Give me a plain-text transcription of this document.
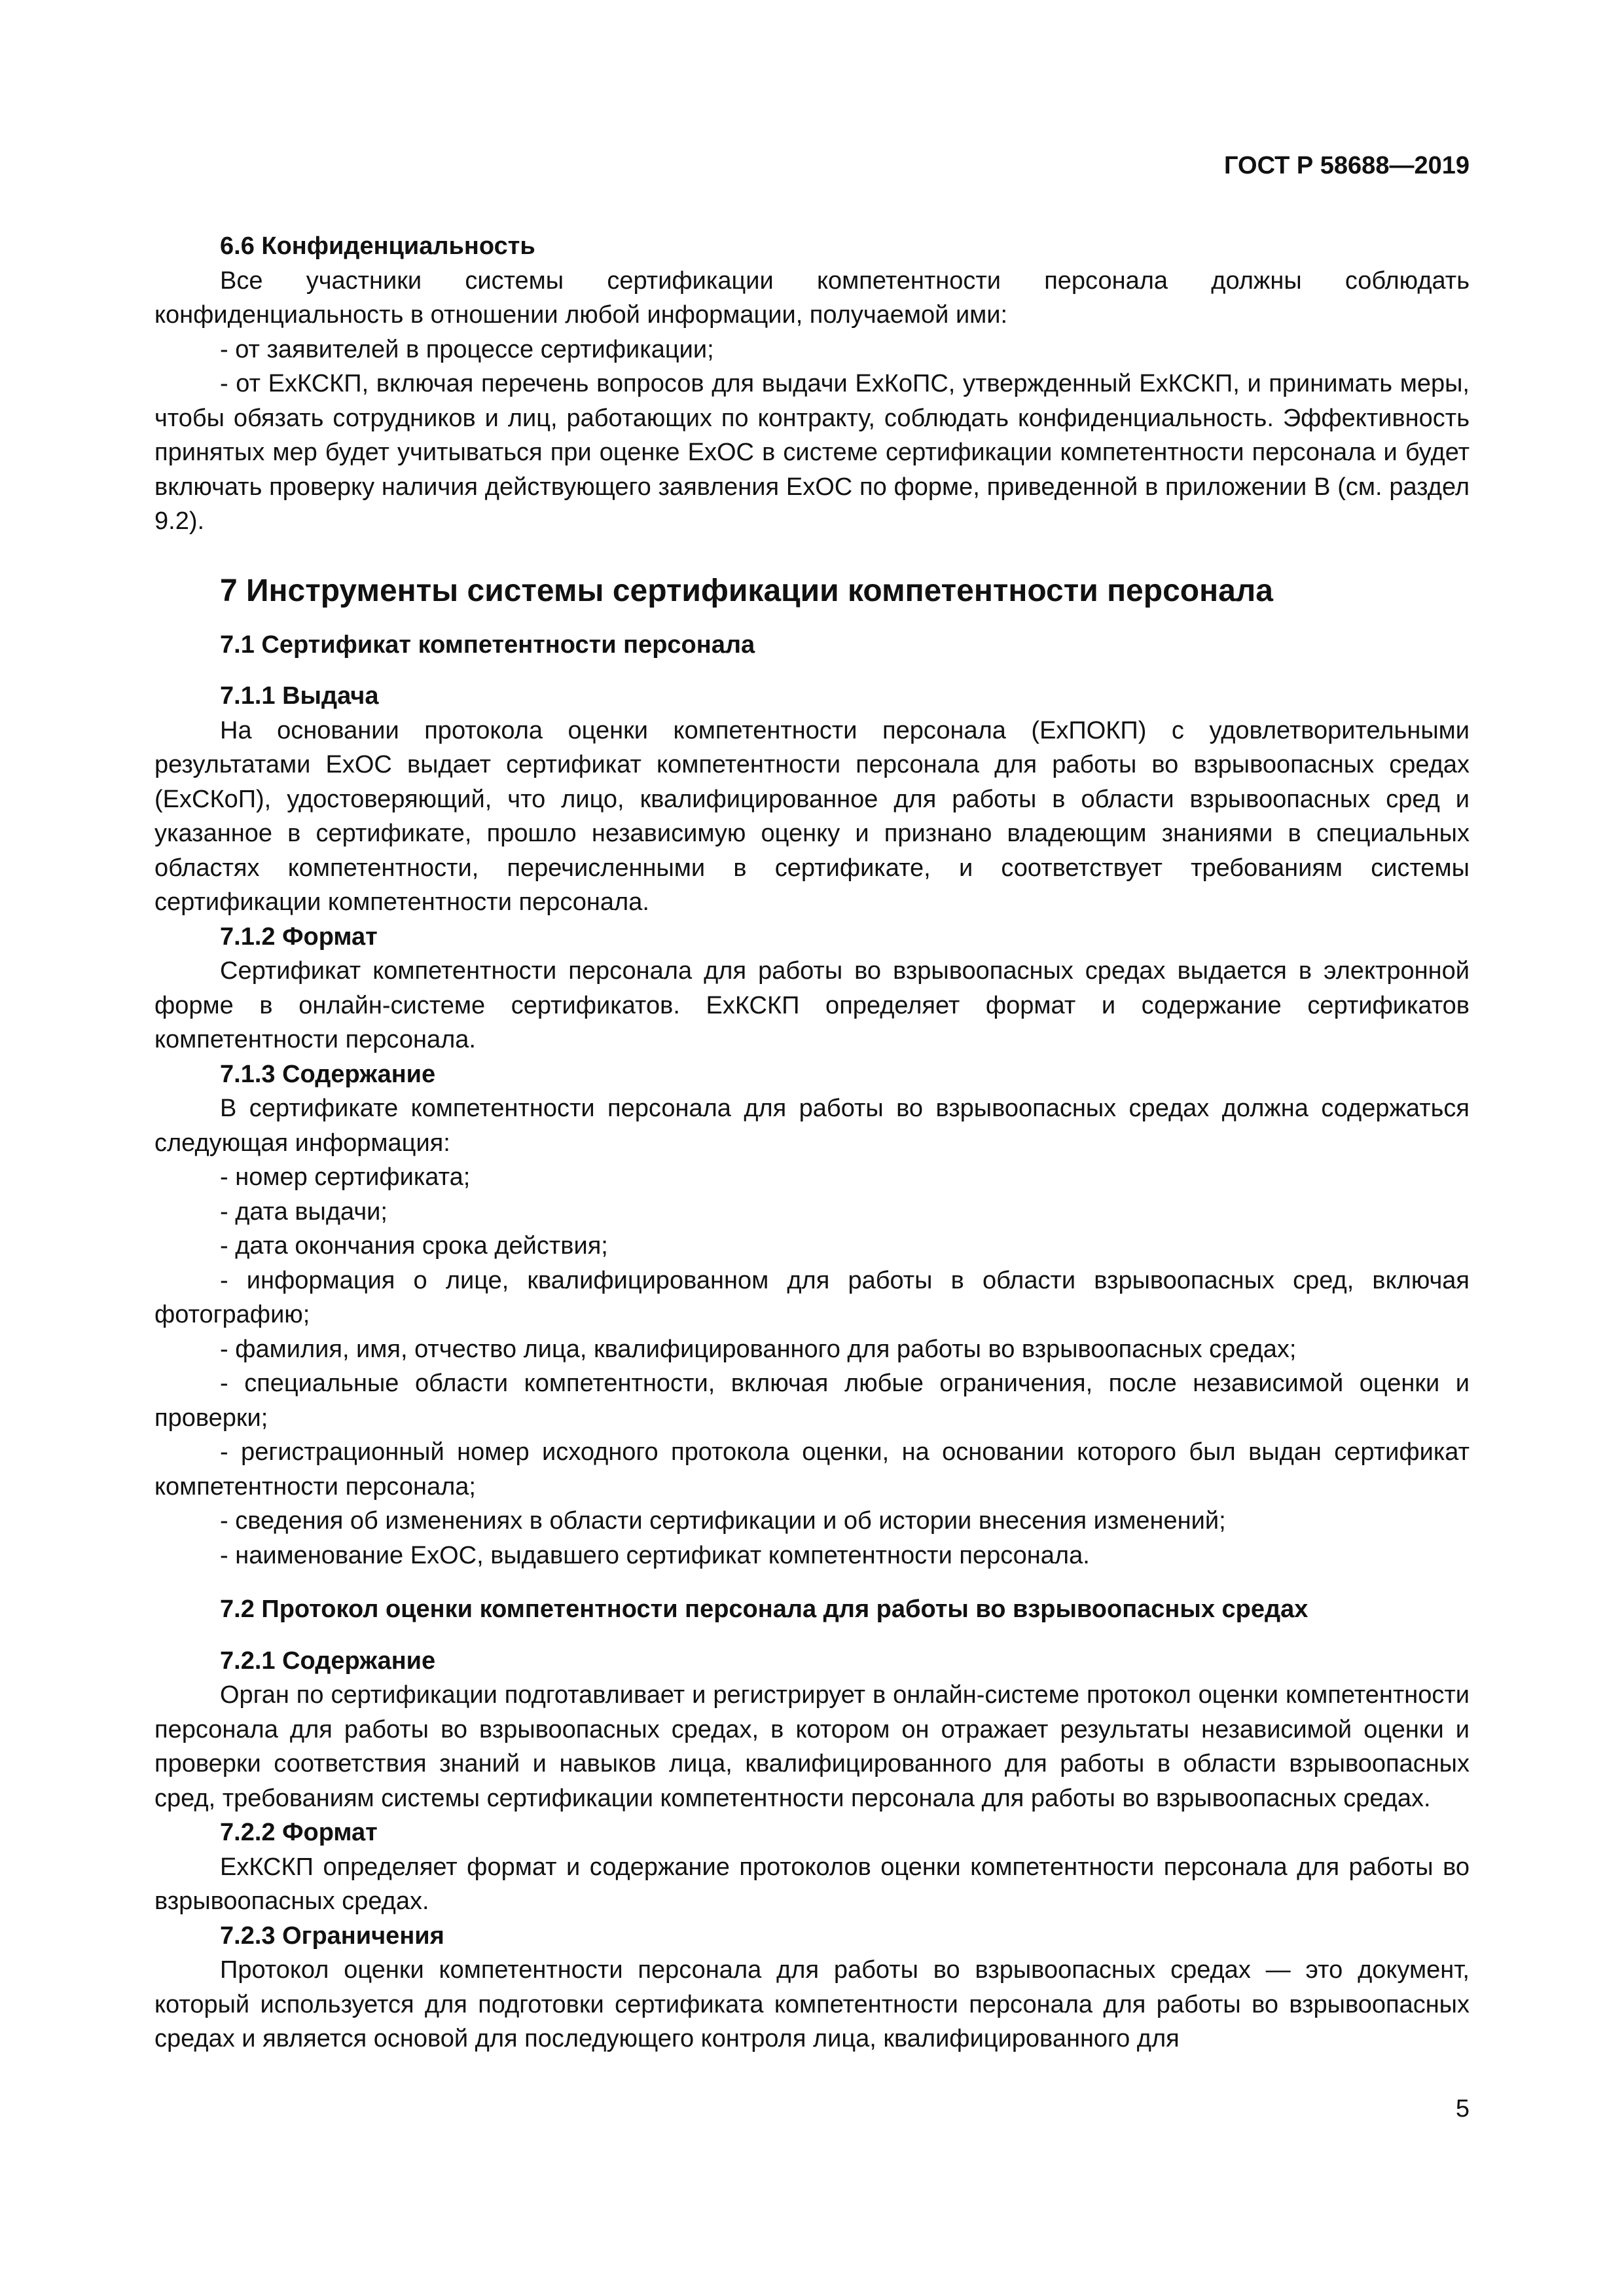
ГОСТ Р 58688—2019

6.6 Конфиденциальность

Все участники системы сертификации компетентности персонала должны соблюдать конфиденциальность в отношении любой информации, получаемой ими:

- от заявителей в процессе сертификации;

- от ExКСКП, включая перечень вопросов для выдачи ExКоПС, утвержденный ExКСКП, и принимать меры, чтобы обязать сотрудников и лиц, работающих по контракту, соблюдать конфиденциальность. Эффективность принятых мер будет учитываться при оценке ExОС в системе сертификации компетентности персонала и будет включать проверку наличия действующего заявления ExОС по форме, приведенной в приложении В (см. раздел 9.2).

7 Инструменты системы сертификации компетентности персонала

7.1 Сертификат компетентности персонала

7.1.1 Выдача

На основании протокола оценки компетентности персонала (ExПОКП) с удовлетворительными результатами ExОС выдает сертификат компетентности персонала для работы во взрывоопасных средах (ExСКоП), удостоверяющий, что лицо, квалифицированное для работы в области взрывоопасных сред и указанное в сертификате, прошло независимую оценку и признано владеющим знаниями в специальных областях компетентности, перечисленными в сертификате, и соответствует требованиям системы сертификации компетентности персонала.

7.1.2 Формат

Сертификат компетентности персонала для работы во взрывоопасных средах выдается в электронной форме в онлайн-системе сертификатов. ExКСКП определяет формат и содержание сертификатов компетентности персонала.

7.1.3 Содержание

В сертификате компетентности персонала для работы во взрывоопасных средах должна содержаться следующая информация:

- номер сертификата;

- дата выдачи;

- дата окончания срока действия;

- информация о лице, квалифицированном для работы в области взрывоопасных сред, включая фотографию;

- фамилия, имя, отчество лица, квалифицированного для работы во взрывоопасных средах;

- специальные области компетентности, включая любые ограничения, после независимой оценки и проверки;

- регистрационный номер исходного протокола оценки, на основании которого был выдан сертификат компетентности персонала;

- сведения об изменениях в области сертификации и об истории внесения изменений;

- наименование ExОС, выдавшего сертификат компетентности персонала.

7.2 Протокол оценки компетентности персонала для работы во взрывоопасных средах

7.2.1 Содержание

Орган по сертификации подготавливает и регистрирует в онлайн-системе протокол оценки компетентности персонала для работы во взрывоопасных средах, в котором он отражает результаты независимой оценки и проверки соответствия знаний и навыков лица, квалифицированного для работы в области взрывоопасных сред, требованиям системы сертификации компетентности персонала для работы во взрывоопасных средах.

7.2.2 Формат

ExКСКП определяет формат и содержание протоколов оценки компетентности персонала для работы во взрывоопасных средах.

7.2.3 Ограничения

Протокол оценки компетентности персонала для работы во взрывоопасных средах — это документ, который используется для подготовки сертификата компетентности персонала для работы во взрывоопасных средах и является основой для последующего контроля лица, квалифицированного для

5
